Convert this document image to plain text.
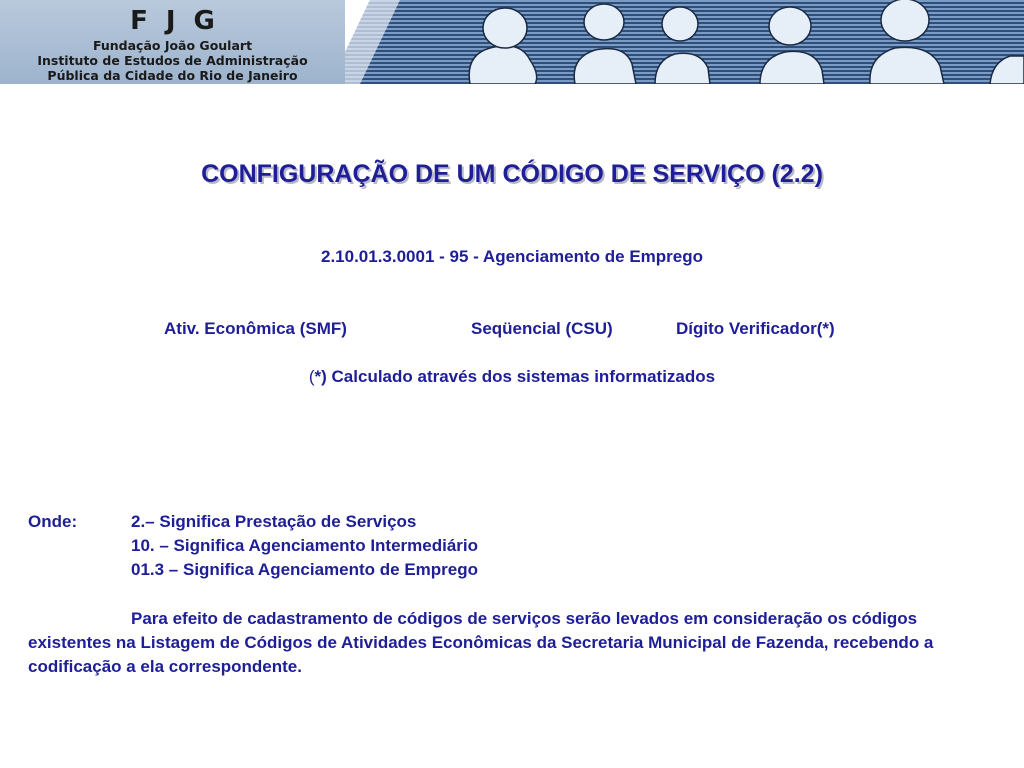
FJG
Fundação João Goulart
Instituto de Estudos de Administração
Pública da Cidade do Rio de Janeiro
CONFIGURAÇÃO DE UM CÓDIGO DE SERVIÇO (2.2)
2.10.01.3.0001 - 95 - Agenciamento de Emprego
Ativ. Econômica (SMF)	Seqüencial (CSU)	Dígito Verificador(*)
(*) Calculado através dos sistemas informatizados
Onde:	2.– Significa Prestação de Serviços
10. – Significa Agenciamento Intermediário
01.3 – Significa Agenciamento de Emprego
Para efeito de cadastramento de códigos de serviços serão levados em consideração os códigos existentes na Listagem de Códigos de Atividades Econômicas da Secretaria Municipal de Fazenda, recebendo a codificação a ela correspondente.
